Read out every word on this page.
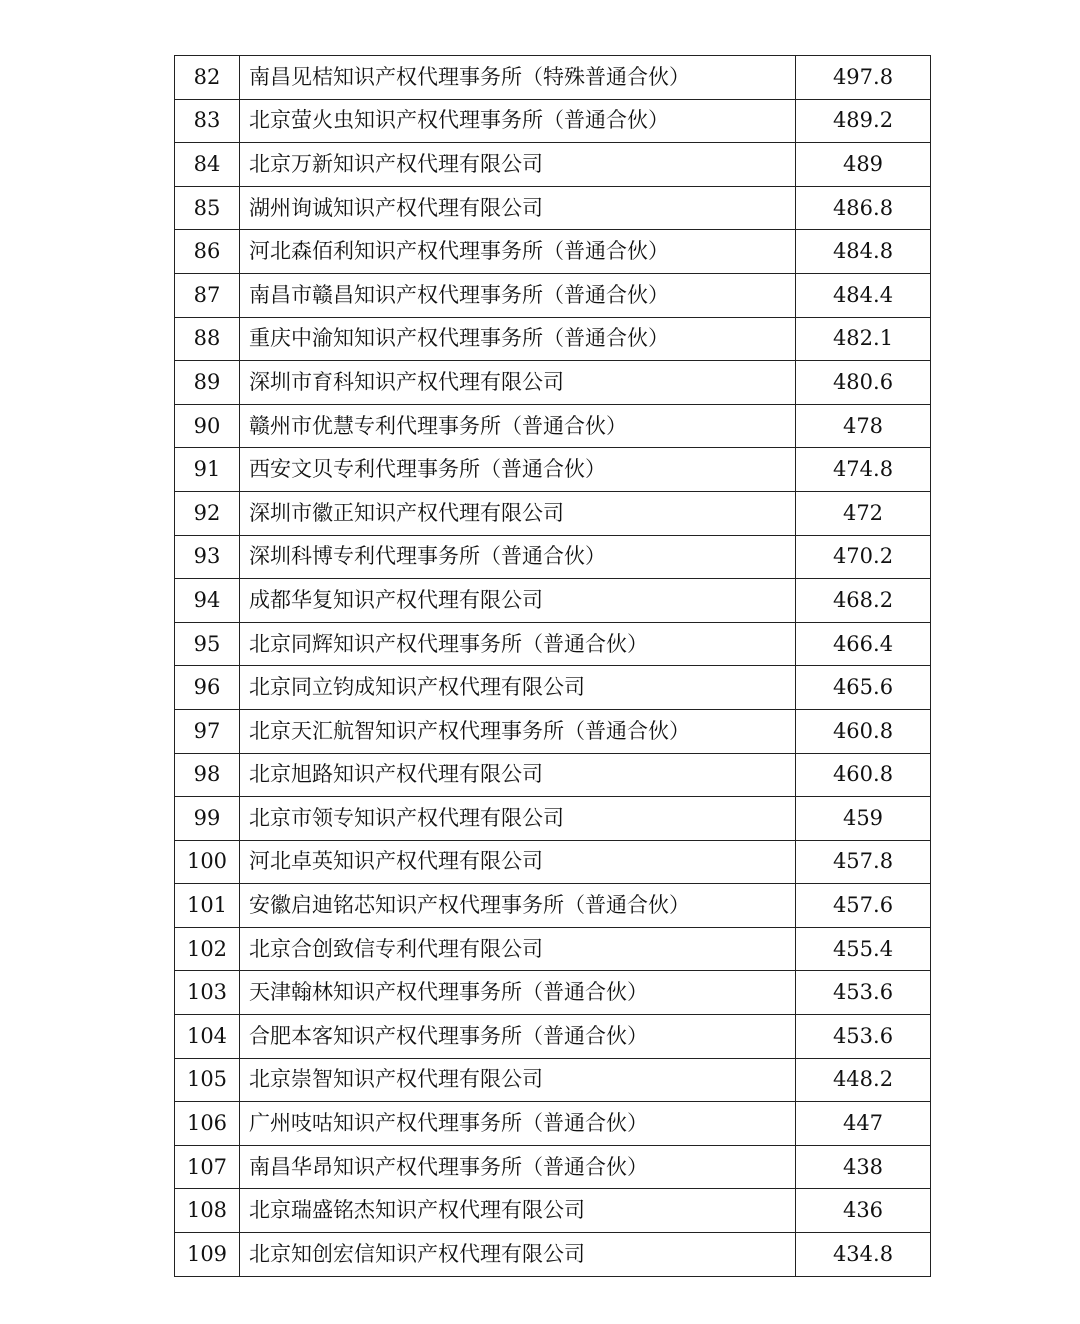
82	南昌见桔知识产权代理事务所（特殊普通合伙）	497.8
83	北京萤火虫知识产权代理事务所（普通合伙）	489.2
84	北京万新知识产权代理有限公司	489
85	湖州询诚知识产权代理有限公司	486.8
86	河北森佰利知识产权代理事务所（普通合伙）	484.8
87	南昌市赣昌知识产权代理事务所（普通合伙）	484.4
88	重庆中渝知知识产权代理事务所（普通合伙）	482.1
89	深圳市育科知识产权代理有限公司	480.6
90	赣州市优慧专利代理事务所（普通合伙）	478
91	西安文贝专利代理事务所（普通合伙）	474.8
92	深圳市徽正知识产权代理有限公司	472
93	深圳科博专利代理事务所（普通合伙）	470.2
94	成都华复知识产权代理有限公司	468.2
95	北京同辉知识产权代理事务所（普通合伙）	466.4
96	北京同立钧成知识产权代理有限公司	465.6
97	北京天汇航智知识产权代理事务所（普通合伙）	460.8
98	北京旭路知识产权代理有限公司	460.8
99	北京市领专知识产权代理有限公司	459
100	河北卓英知识产权代理有限公司	457.8
101	安徽启迪铭芯知识产权代理事务所（普通合伙）	457.6
102	北京合创致信专利代理有限公司	455.4
103	天津翰林知识产权代理事务所（普通合伙）	453.6
104	合肥本客知识产权代理事务所（普通合伙）	453.6
105	北京崇智知识产权代理有限公司	448.2
106	广州吱咕知识产权代理事务所（普通合伙）	447
107	南昌华昂知识产权代理事务所（普通合伙）	438
108	北京瑞盛铭杰知识产权代理有限公司	436
109	北京知创宏信知识产权代理有限公司	434.8
